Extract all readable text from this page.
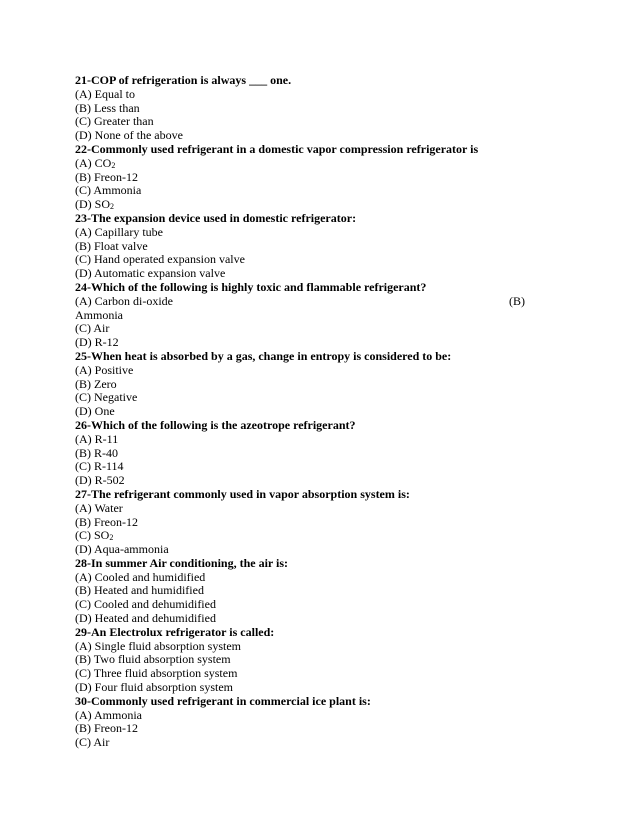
21-COP of refrigeration is always ___ one.
(A) Equal to
(B) Less than
(C) Greater than
(D) None of the above
22-Commonly used refrigerant in a domestic vapor compression refrigerator is
(A) $CO_2$
(B) Freon-12
(C) Ammonia
(D) $SO_2$
23-The expansion device used in domestic refrigerator:
(A) Capillary tube
(B) Float valve
(C) Hand operated expansion valve
(D) Automatic expansion valve
24-Which of the following is highly toxic and flammable refrigerant?
(A) Carbon di-oxide	(B)
Ammonia
(C) Air
(D) R-12
25-When heat is absorbed by a gas, change in entropy is considered to be:
(A) Positive
(B) Zero
(C) Negative
(D) One
26-Which of the following is the azeotrope refrigerant?
(A) R-11
(B) R-40
(C) R-114
(D) R-502
27-The refrigerant commonly used in vapor absorption system is:
(A) Water
(B) Freon-12
(C) $SO_2$
(D) Aqua-ammonia
28-In summer Air conditioning, the air is:
(A) Cooled and humidified
(B) Heated and humidified
(C) Cooled and dehumidified
(D) Heated and dehumidified
29-An Electrolux refrigerator is called:
(A) Single fluid absorption system
(B) Two fluid absorption system
(C) Three fluid absorption system
(D) Four fluid absorption system
30-Commonly used refrigerant in commercial ice plant is:
(A) Ammonia
(B) Freon-12
(C) Air
